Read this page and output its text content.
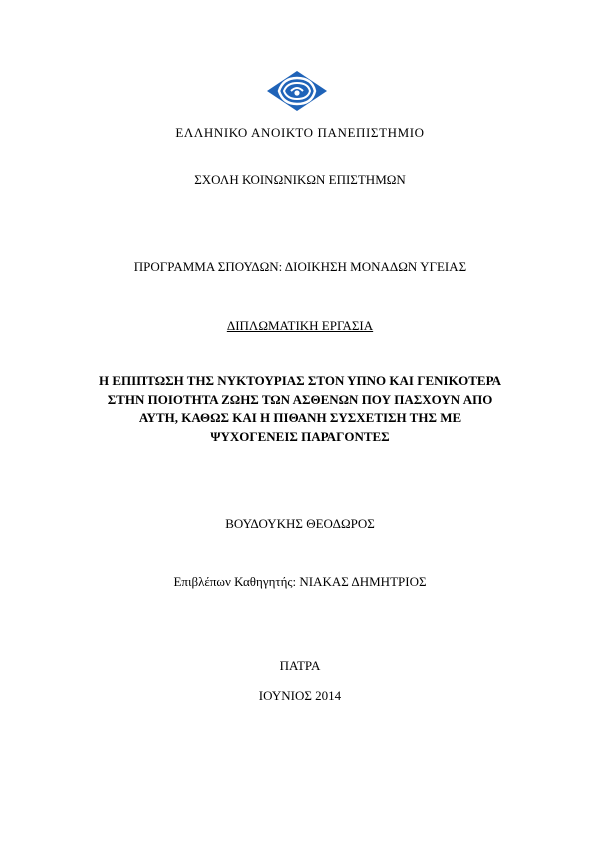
ΕΛΛΗΝΙΚΟ ΑΝΟΙΚΤΟ ΠΑΝΕΠΙΣΤΗΜΙΟ
ΣΧΟΛΗ ΚΟΙΝΩΝΙΚΩΝ ΕΠΙΣΤΗΜΩΝ
ΠΡΟΓΡΑΜΜΑ ΣΠΟΥΔΩΝ: ΔΙΟΙΚΗΣΗ ΜΟΝΑΔΩΝ ΥΓΕΙΑΣ
ΔΙΠΛΩΜΑΤΙΚΗ ΕΡΓΑΣΙΑ
Η ΕΠΙΠΤΩΣΗ ΤΗΣ ΝΥΚΤΟΥΡΙΑΣ ΣΤΟΝ ΥΠΝΟ ΚΑΙ ΓΕΝΙΚΟΤΕΡΑ
ΣΤΗΝ ΠΟΙΟΤΗΤΑ ΖΩΗΣ ΤΩΝ ΑΣΘΕΝΩΝ ΠΟΥ ΠΑΣΧΟΥΝ ΑΠΟ
ΑΥΤΗ, ΚΑΘΩΣ ΚΑΙ Η ΠΙΘΑΝΗ ΣΥΣΧΕΤΙΣΗ ΤΗΣ ΜΕ
ΨΥΧΟΓΕΝΕΙΣ ΠΑΡΑΓΟΝΤΕΣ
ΒΟΥΔΟΥΚΗΣ ΘΕΟΔΩΡΟΣ
Επιβλέπων Καθηγητής: ΝΙΑΚΑΣ ΔΗΜΗΤΡΙΟΣ
ΠΑΤΡΑ
ΙΟΥΝΙΟΣ 2014
